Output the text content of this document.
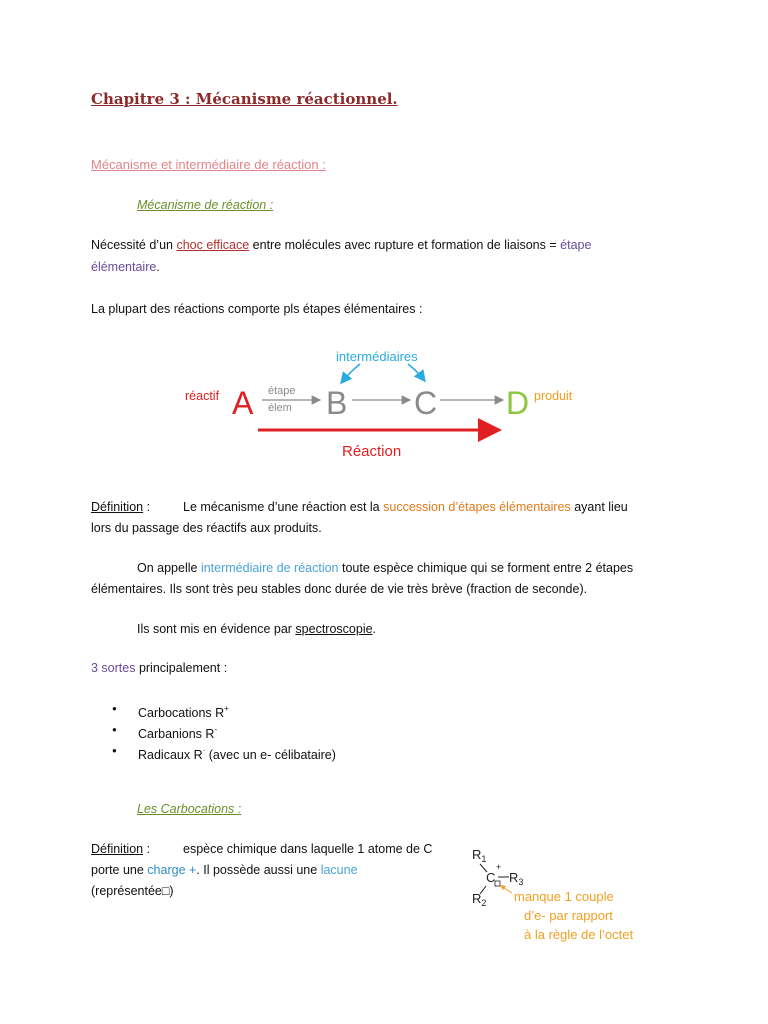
Chapitre 3 : Mécanisme réactionnel.
Mécanisme et intermédiaire de réaction :
Mécanisme de réaction :
Nécessité d’un choc efficace entre molécules avec rupture et formation de liaisons = étape
élémentaire.
La plupart des réactions comporte pls étapes élémentaires :
intermédiaires
réactif A étape
élem B C D produit
Réaction
Définition :	Le mécanisme d’une réaction est la succession d’étapes élémentaires ayant lieu
lors du passage des réactifs aux produits.
On appelle intermédiaire de réaction toute espèce chimique qui se forment entre 2 étapes
élémentaires. Ils sont très peu stables donc durée de vie très brève (fraction de seconde).
Ils sont mis en évidence par spectroscopie.
3 sortes principalement :
● Carbocations R+
● Carbanions R-
● Radicaux R· (avec un e- célibataire)
Les Carbocations :
Définition :	espèce chimique dans laquelle 1 atome de C
porte une charge +. Il possède aussi une lacune
(représentée□)
$R_1$
C
+
$R_3$
$R_2$ manque 1 couple
d’e- par rapport
à la règle de l’octet
